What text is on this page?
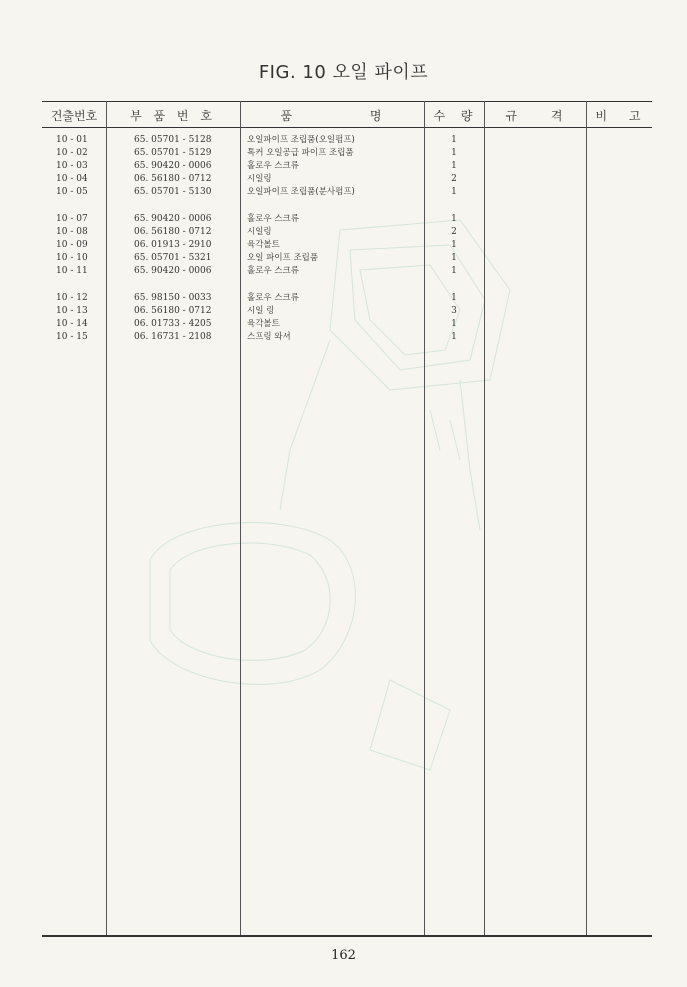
FIG. 10 오일 파이프
건출번호	부 품 번 호	품 명	수 량	규 격	비 고
10 - 01	65. 05701 - 5128	오일파이프 조립품(오일펌프)	1
10 - 02	65. 05701 - 5129	톡커 오일공급 파이프 조립품	1
10 - 03	65. 90420 - 0006	홀로우 스크류	1
10 - 04	06. 56180 - 0712	시일링	2
10 - 05	65. 05701 - 5130	오일파이프 조립품(분사펌프)	1
10 - 07	65. 90420 - 0006	홀로우 스크류	1
10 - 08	06. 56180 - 0712	시일링	2
10 - 09	06. 01913 - 2910	육각볼트	1
10 - 10	65. 05701 - 5321	오일 파이프 조립품	1
10 - 11	65. 90420 - 0006	홀로우 스크류	1
10 - 12	65. 98150 - 0033	홀로우 스크류	1
10 - 13	06. 56180 - 0712	시일 링	3
10 - 14	06. 01733 - 4205	육각볼트	1
10 - 15	06. 16731 - 2108	스프링 와셔	1
162
